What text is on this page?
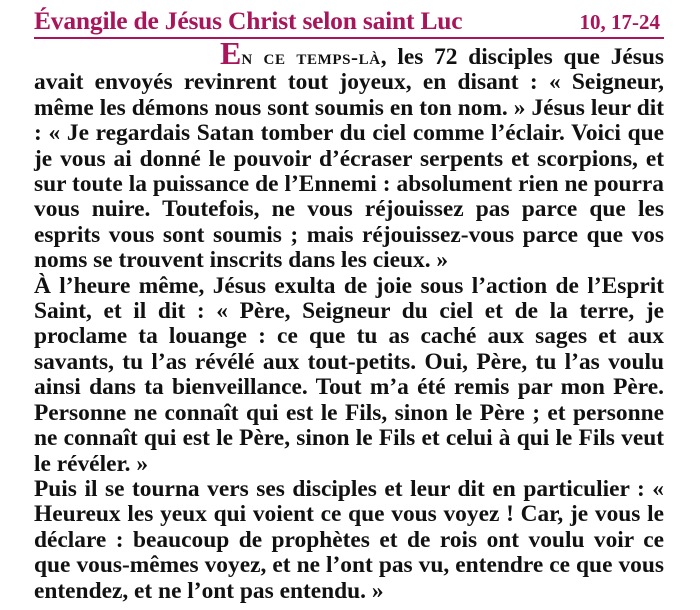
Évangile de Jésus Christ selon saint Luc	10, 17-24

En ce temps-là, les 72 disciples que Jésus avait envoyés revinrent tout joyeux, en disant : « Seigneur, même les démons nous sont soumis en ton nom. » Jésus leur dit : « Je regardais Satan tomber du ciel comme l’éclair. Voici que je vous ai donné le pouvoir d’écraser serpents et scorpions, et sur toute la puissance de l’Ennemi : absolument rien ne pourra vous nuire. Toutefois, ne vous réjouissez pas parce que les esprits vous sont soumis ; mais réjouissez-vous parce que vos noms se trouvent inscrits dans les cieux. »

À l’heure même, Jésus exulta de joie sous l’action de l’Esprit Saint, et il dit : « Père, Seigneur du ciel et de la terre, je proclame ta louange : ce que tu as caché aux sages et aux savants, tu l’as révélé aux tout-petits. Oui, Père, tu l’as voulu ainsi dans ta bienveillance. Tout m’a été remis par mon Père. Personne ne connaît qui est le Fils, sinon le Père ; et personne ne connaît qui est le Père, sinon le Fils et celui à qui le Fils veut le révéler. »

Puis il se tourna vers ses disciples et leur dit en particulier : « Heureux les yeux qui voient ce que vous voyez ! Car, je vous le déclare : beaucoup de prophètes et de rois ont voulu voir ce que vous-mêmes voyez, et ne l’ont pas vu, entendre ce que vous entendez, et ne l’ont pas entendu. »
